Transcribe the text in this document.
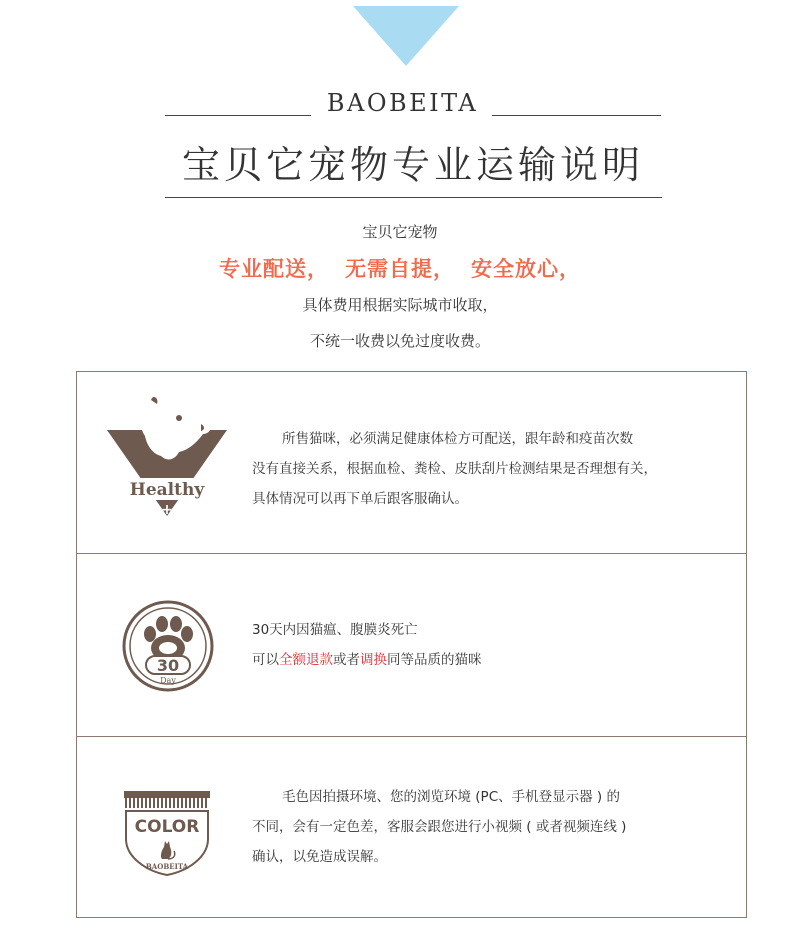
BAOBEITA
宝贝它宠物专业运输说明
宝贝它宠物
专业配送， 无需自提， 安全放心，
具体费用根据实际城市收取，
不统一收费以免过度收费。
Healthy
+

所售猫咪，必须满足健康体检方可配送，跟年龄和疫苗次数

没有直接关系，根据血检、粪检、皮肤刮片检测结果是否理想有关，

具体情况可以再下单后跟客服确认。

30
Day

30天内因猫瘟、腹膜炎死亡

可以全额退款或者调换同等品质的猫咪

COLOR
BAOBEITA

毛色因拍摄环境、您的浏览环境 (PC、手机登显示器 ) 的

不同，会有一定色差，客服会跟您进行小视频 ( 或者视频连线 )

确认，以免造成误解。
